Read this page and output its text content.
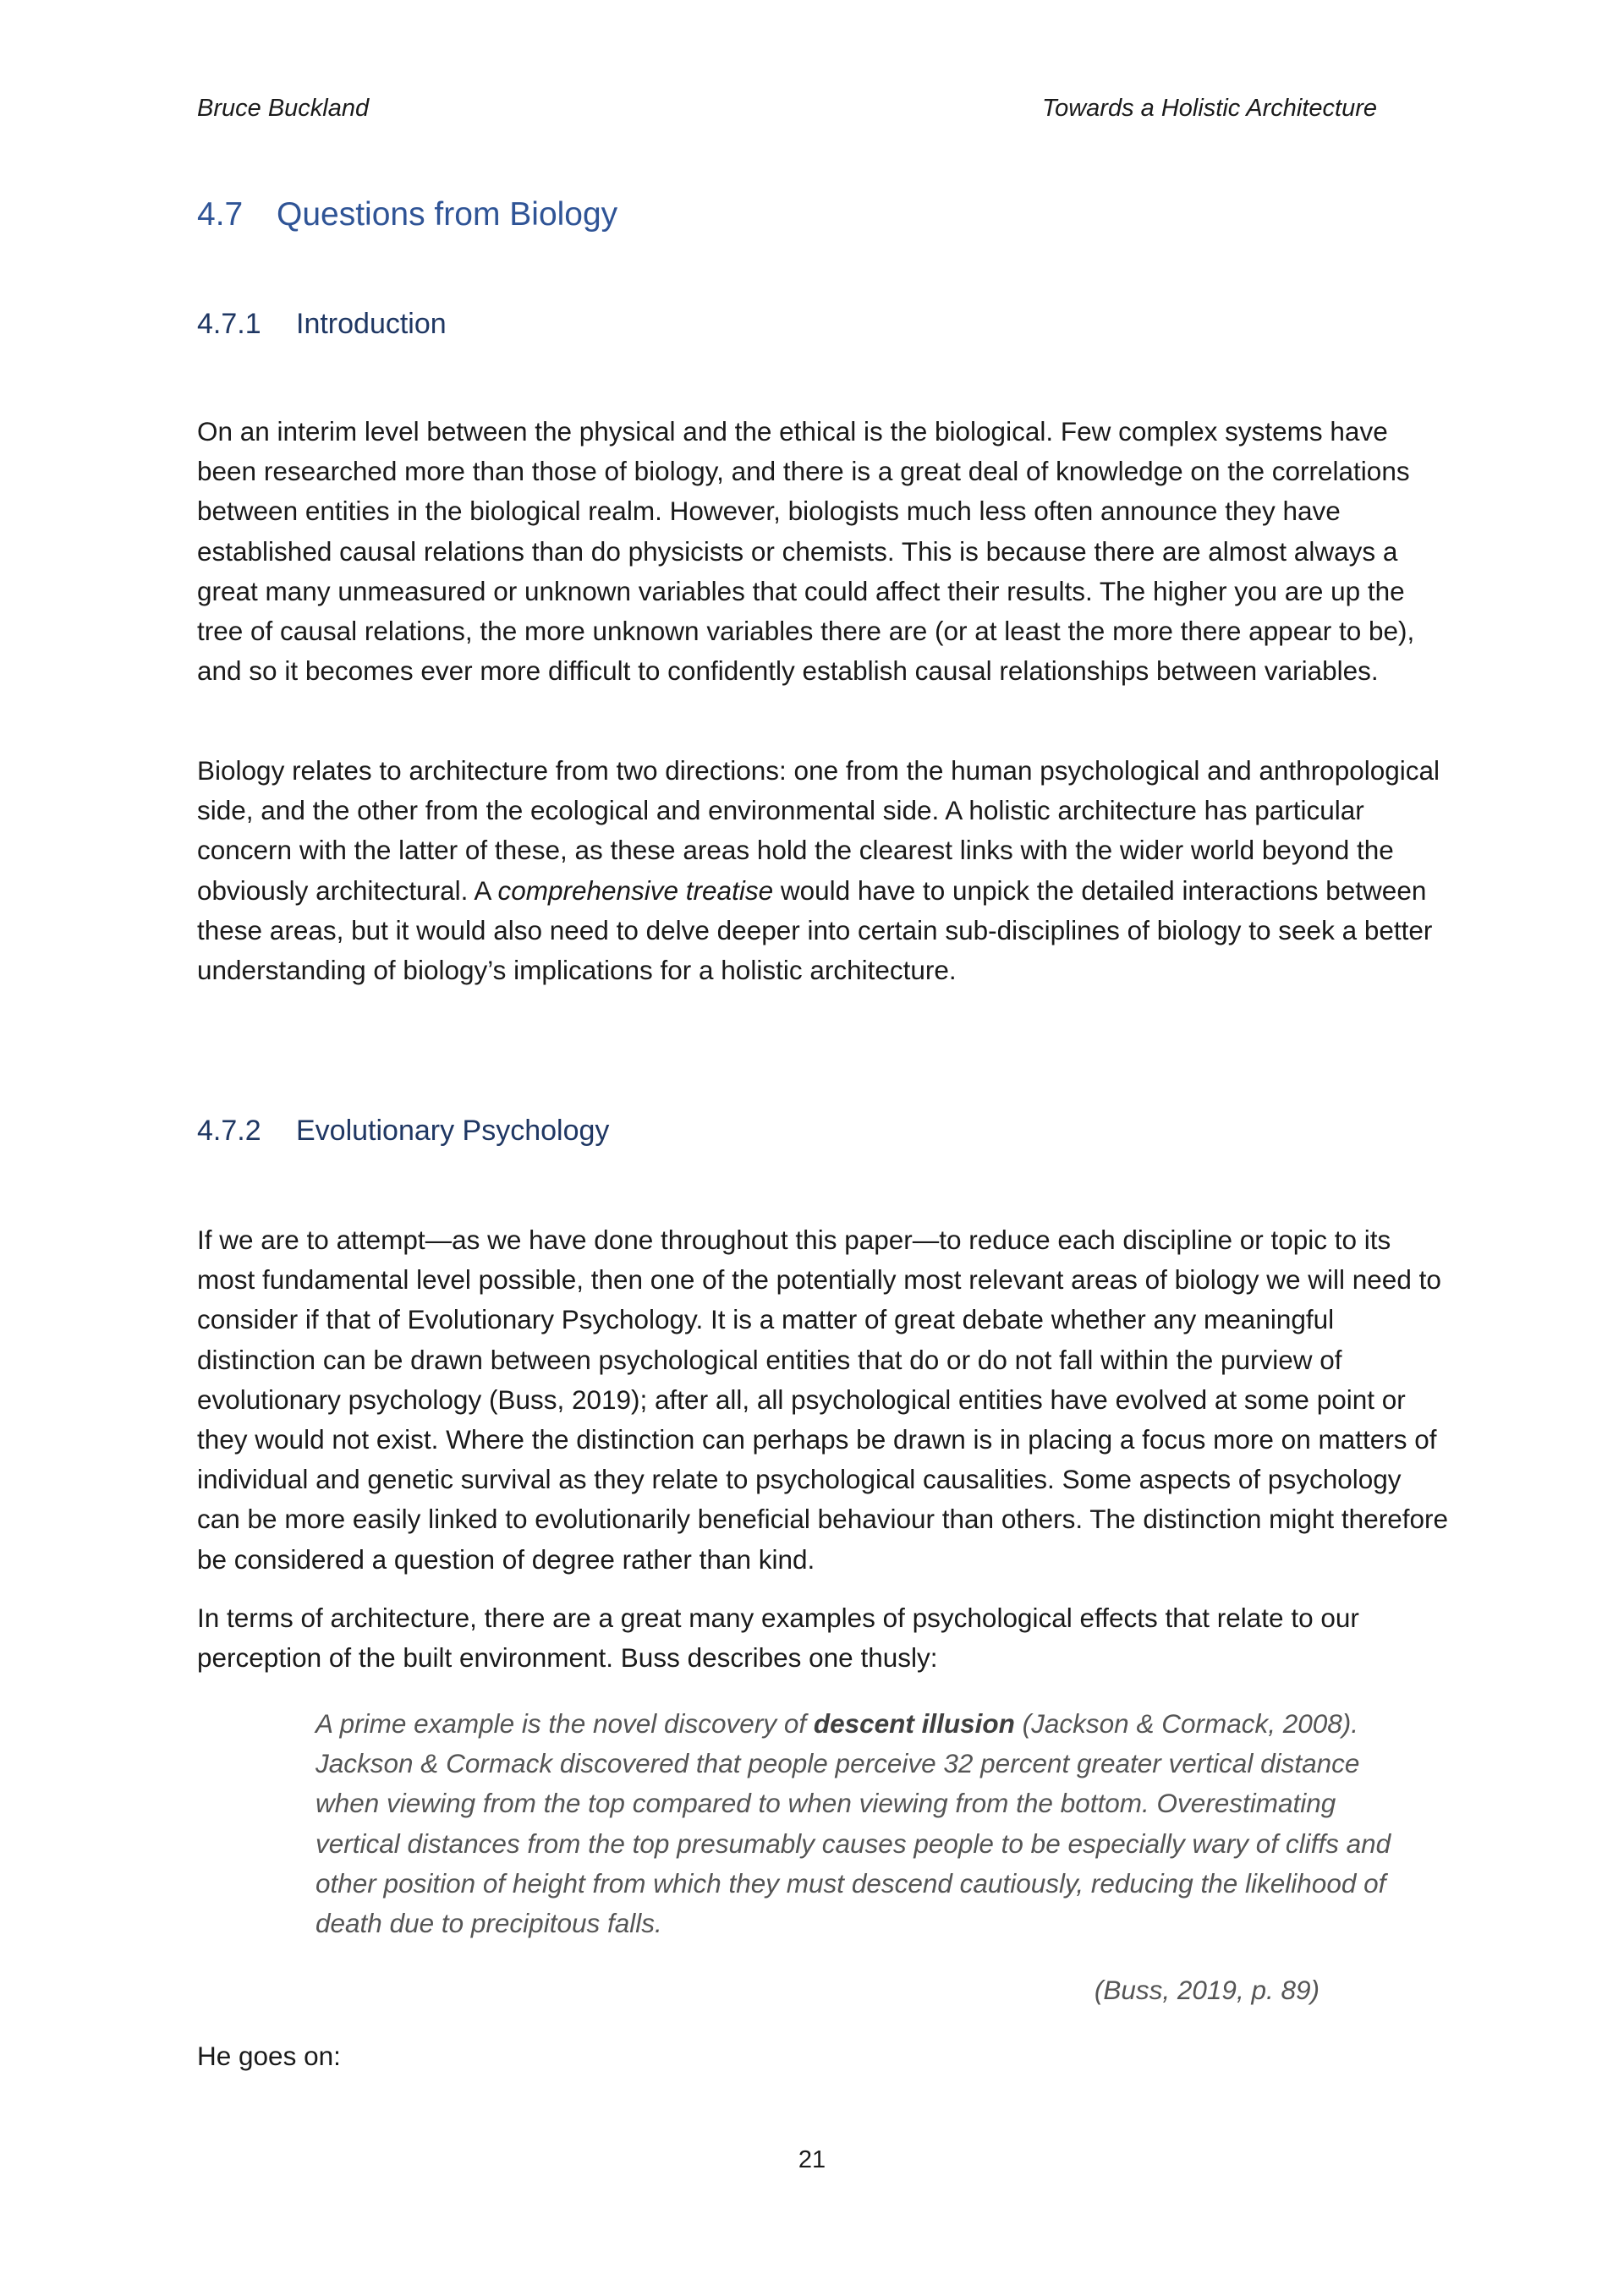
Bruce Buckland	Towards a Holistic Architecture
4.7 Questions from Biology
4.7.1 Introduction

On an interim level between the physical and the ethical is the biological. Few complex systems have been researched more than those of biology, and there is a great deal of knowledge on the correlations between entities in the biological realm. However, biologists much less often announce they have established causal relations than do physicists or chemists. This is because there are almost always a great many unmeasured or unknown variables that could affect their results. The higher you are up the tree of causal relations, the more unknown variables there are (or at least the more there appear to be), and so it becomes ever more difficult to confidently establish causal relationships between variables.

Biology relates to architecture from two directions: one from the human psychological and anthropological side, and the other from the ecological and environmental side. A holistic architecture has particular concern with the latter of these, as these areas hold the clearest links with the wider world beyond the obviously architectural. A comprehensive treatise would have to unpick the detailed interactions between these areas, but it would also need to delve deeper into certain sub-disciplines of biology to seek a better understanding of biology’s implications for a holistic architecture.

4.7.2 Evolutionary Psychology

If we are to attempt—as we have done throughout this paper—to reduce each discipline or topic to its most fundamental level possible, then one of the potentially most relevant areas of biology we will need to consider if that of Evolutionary Psychology. It is a matter of great debate whether any meaningful distinction can be drawn between psychological entities that do or do not fall within the purview of evolutionary psychology (Buss, 2019); after all, all psychological entities have evolved at some point or they would not exist. Where the distinction can perhaps be drawn is in placing a focus more on matters of individual and genetic survival as they relate to psychological causalities. Some aspects of psychology can be more easily linked to evolutionarily beneficial behaviour than others. The distinction might therefore be considered a question of degree rather than kind.

In terms of architecture, there are a great many examples of psychological effects that relate to our perception of the built environment. Buss describes one thusly:

A prime example is the novel discovery of descent illusion (Jackson & Cormack, 2008). Jackson & Cormack discovered that people perceive 32 percent greater vertical distance when viewing from the top compared to when viewing from the bottom. Overestimating vertical distances from the top presumably causes people to be especially wary of cliffs and other position of height from which they must descend cautiously, reducing the likelihood of death due to precipitous falls.

(Buss, 2019, p. 89)

He goes on:

21
